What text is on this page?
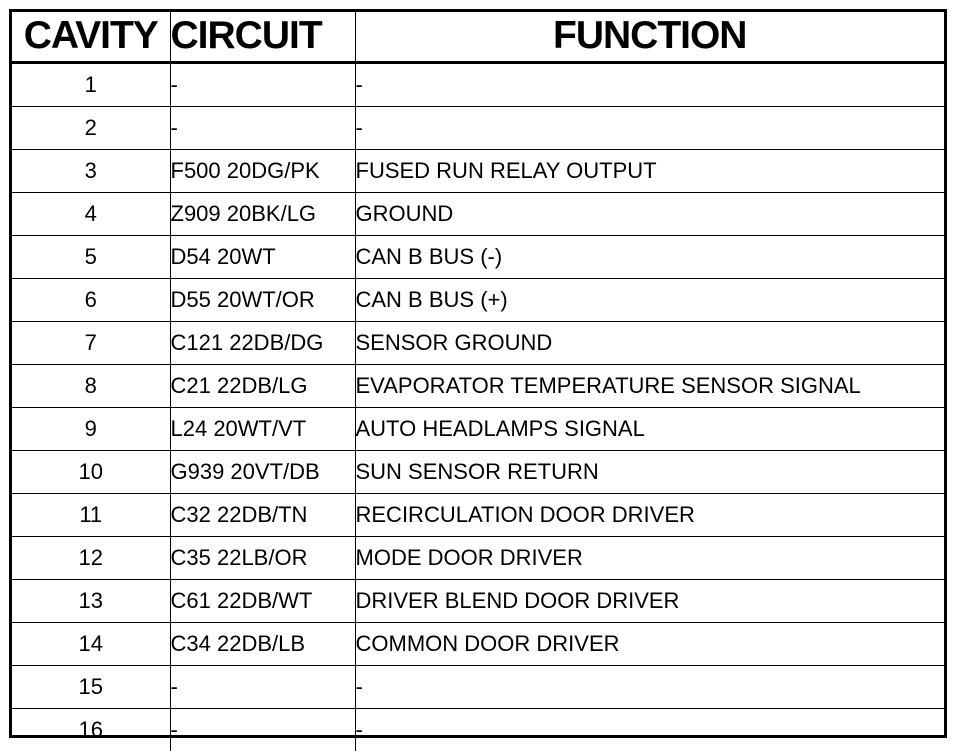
CAVITY	CIRCUIT	FUNCTION
1	-	-
2	-	-
3	F500 20DG/PK	FUSED RUN RELAY OUTPUT
4	Z909 20BK/LG	GROUND
5	D54 20WT	CAN B BUS (-)
6	D55 20WT/OR	CAN B BUS (+)
7	C121 22DB/DG	SENSOR GROUND
8	C21 22DB/LG	EVAPORATOR TEMPERATURE SENSOR SIGNAL
9	L24 20WT/VT	AUTO HEADLAMPS SIGNAL
10	G939 20VT/DB	SUN SENSOR RETURN
11	C32 22DB/TN	RECIRCULATION DOOR DRIVER
12	C35 22LB/OR	MODE DOOR DRIVER
13	C61 22DB/WT	DRIVER BLEND DOOR DRIVER
14	C34 22DB/LB	COMMON DOOR DRIVER
15	-	-
16	-	-
